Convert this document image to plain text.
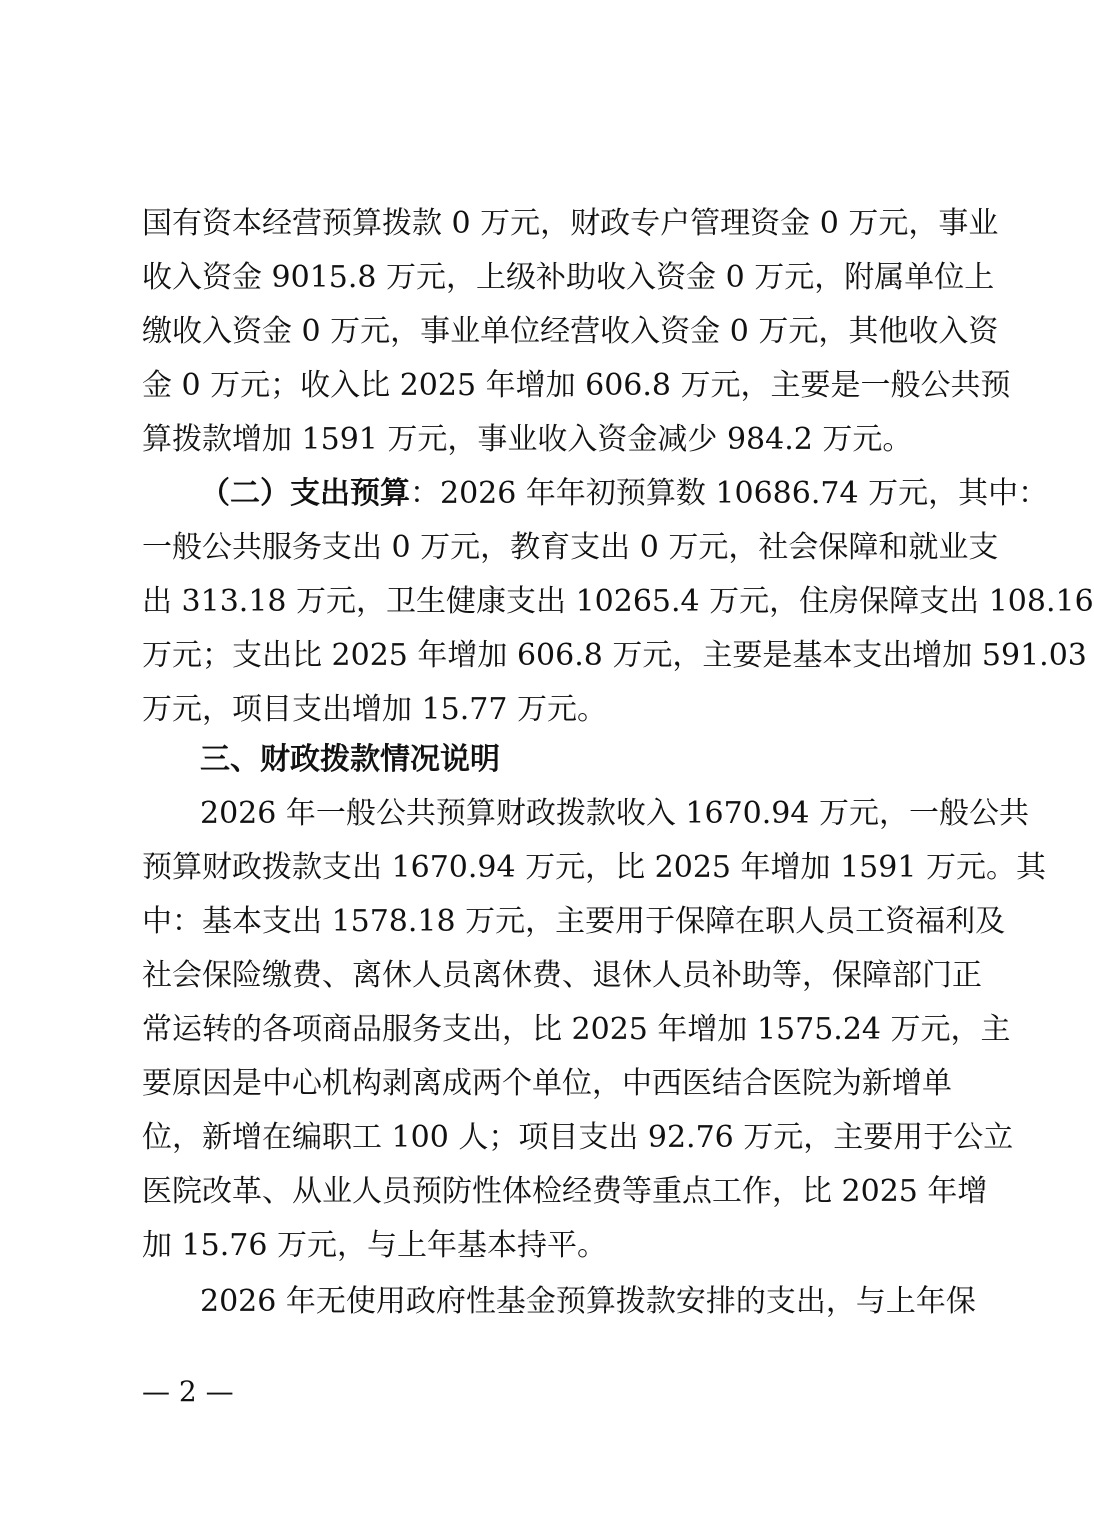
国有资本经营预算拨款 0 万元，财政专户管理资金 0 万元，事业
收入资金 9015.8 万元，上级补助收入资金 0 万元，附属单位上
缴收入资金 0 万元，事业单位经营收入资金 0 万元，其他收入资
金 0 万元；收入比 2025 年增加 606.8 万元，主要是一般公共预
算拨款增加 1591 万元，事业收入资金减少 984.2 万元。
（二）支出预算：2026 年年初预算数 10686.74 万元，其中：
一般公共服务支出 0 万元，教育支出 0 万元，社会保障和就业支
出 313.18 万元，卫生健康支出 10265.4 万元，住房保障支出 108.16
万元；支出比 2025 年增加 606.8 万元，主要是基本支出增加 591.03
万元，项目支出增加 15.77 万元。
三、财政拨款情况说明
2026 年一般公共预算财政拨款收入 1670.94 万元，一般公共
预算财政拨款支出 1670.94 万元，比 2025 年增加 1591 万元。其
中：基本支出 1578.18 万元，主要用于保障在职人员工资福利及
社会保险缴费、离休人员离休费、退休人员补助等，保障部门正
常运转的各项商品服务支出，比 2025 年增加 1575.24 万元，主
要原因是中心机构剥离成两个单位，中西医结合医院为新增单
位，新增在编职工 100 人；项目支出 92.76 万元，主要用于公立
医院改革、从业人员预防性体检经费等重点工作，比 2025 年增
加 15.76 万元，与上年基本持平。
2026 年无使用政府性基金预算拨款安排的支出，与上年保
— 2 —
